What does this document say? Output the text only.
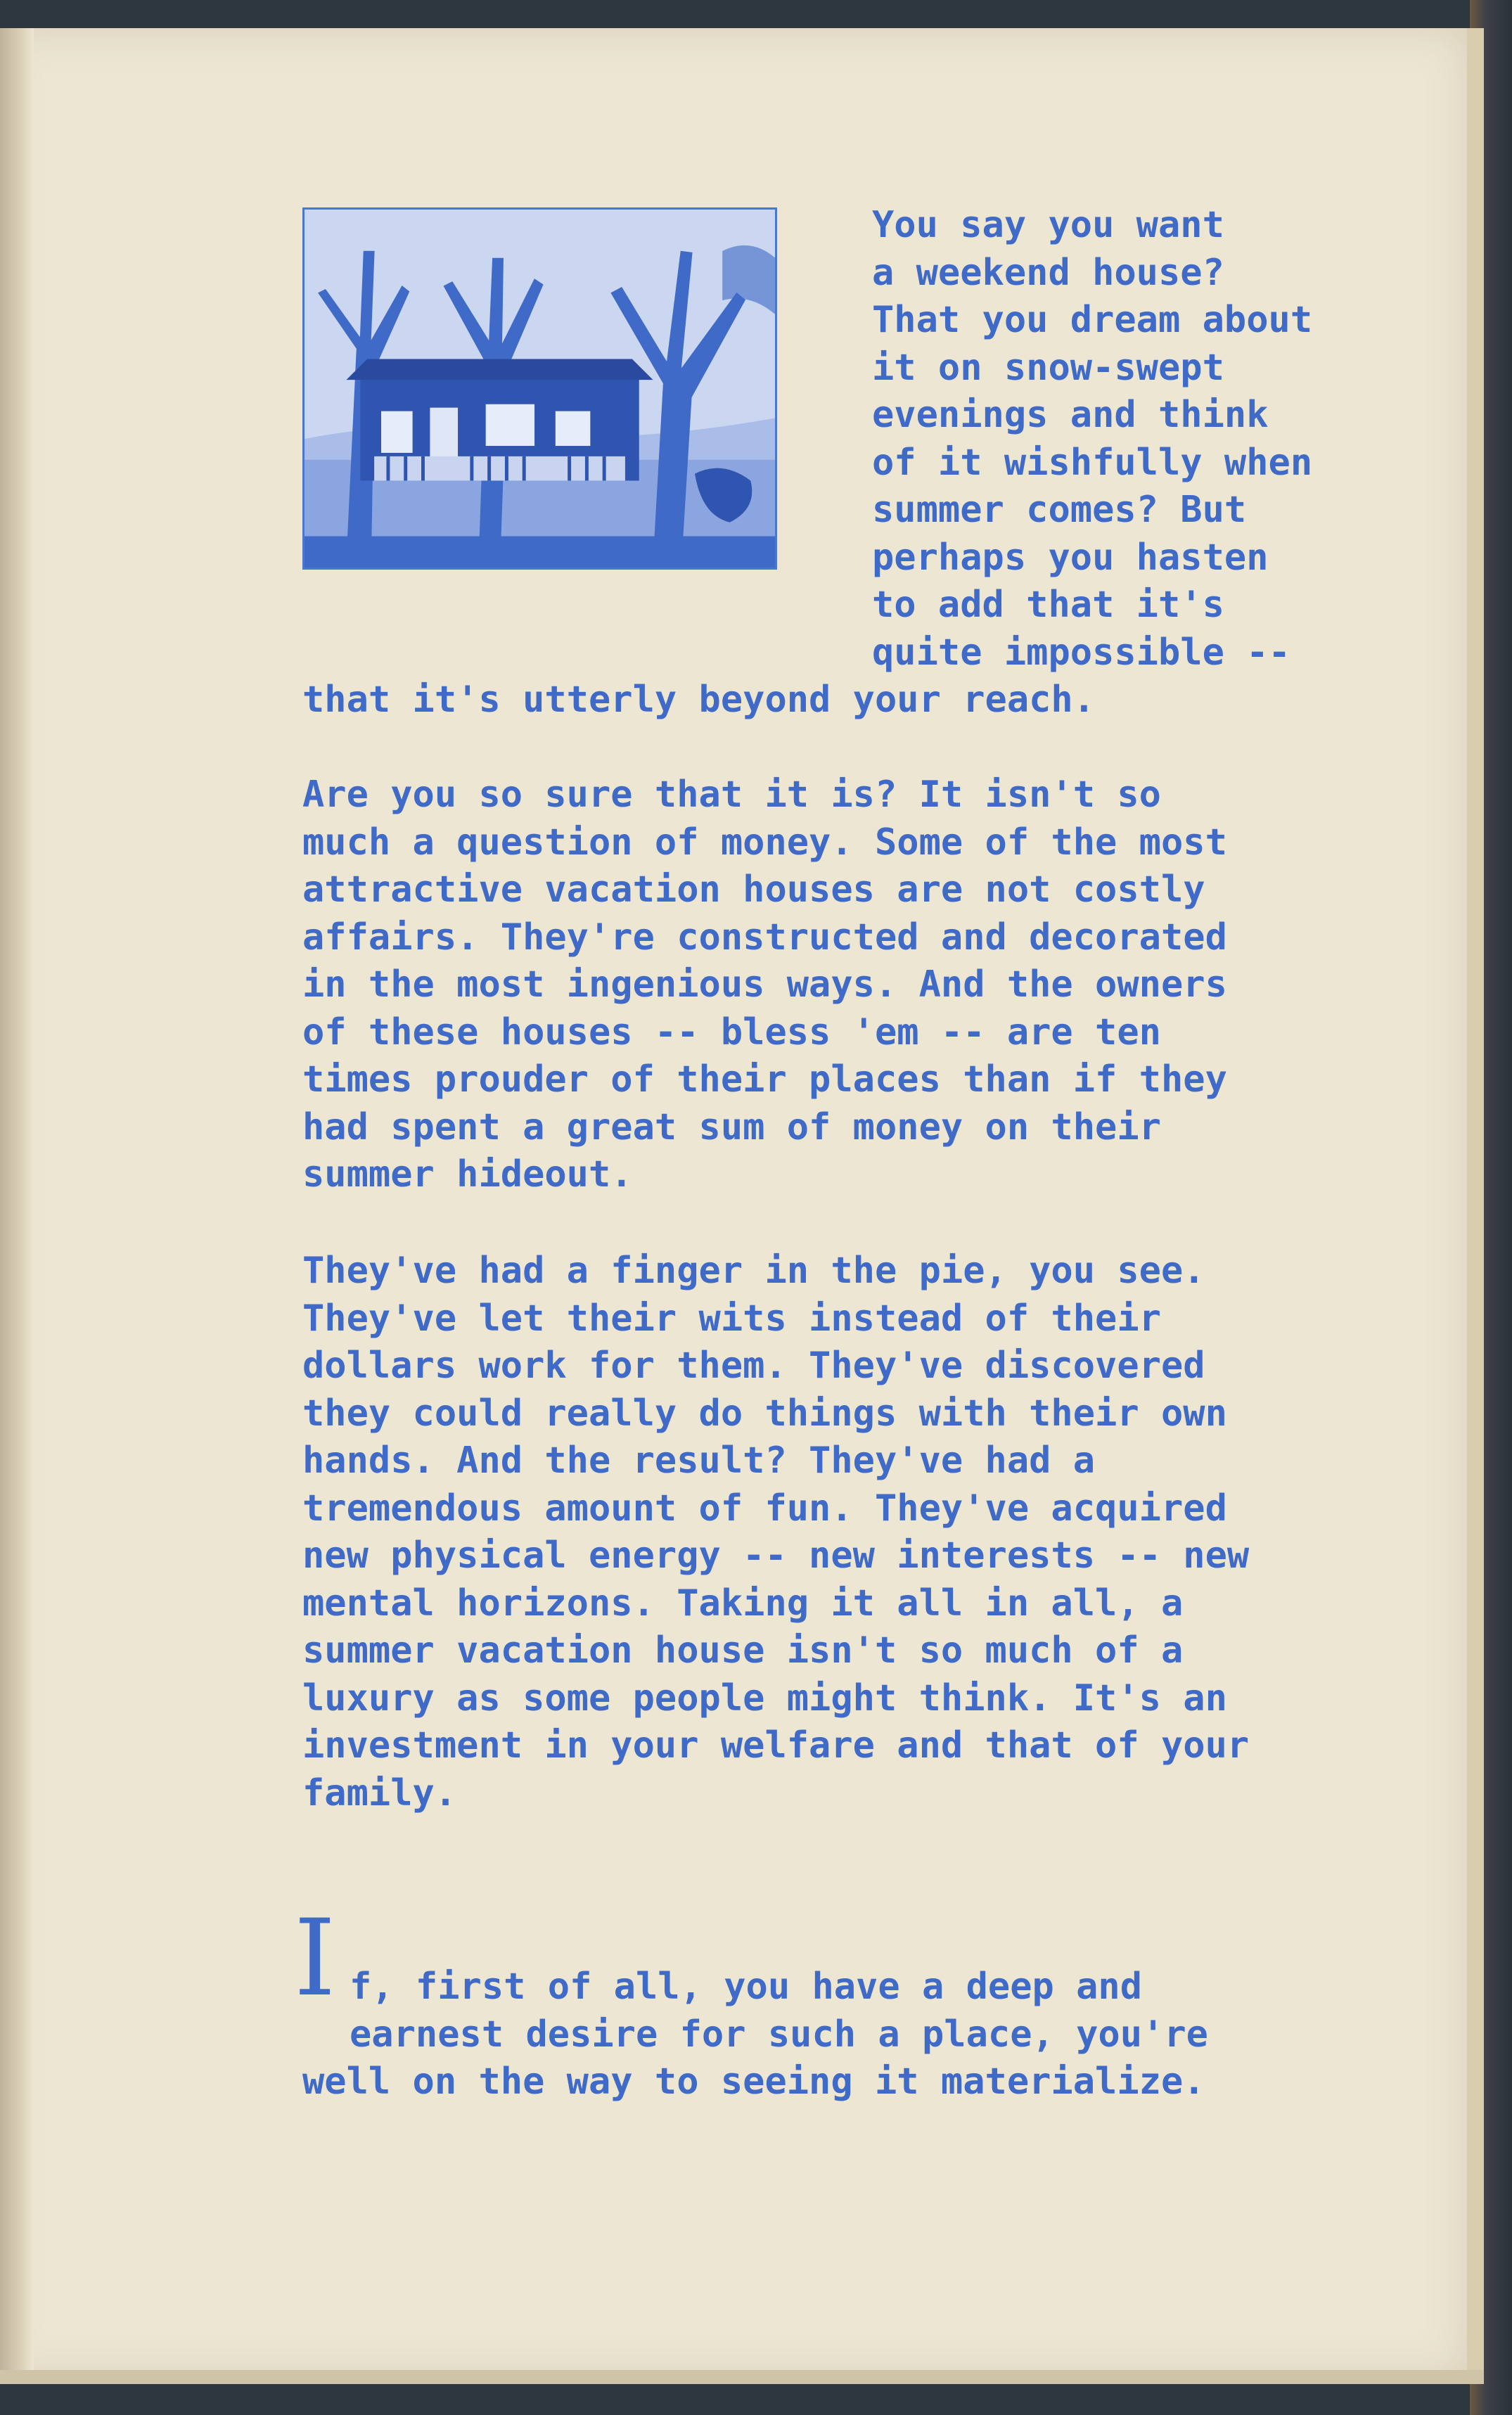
You say you want
a weekend house?
That you dream about
it on snow-swept
evenings and think
of it wishfully when
summer comes? But
perhaps you hasten
to add that it's
quite impossible --
that it's utterly beyond your reach.
Are you so sure that it is? It isn't so
much a question of money. Some of the most
attractive vacation houses are not costly
affairs. They're constructed and decorated
in the most ingenious ways. And the owners
of these houses -- bless 'em -- are ten
times prouder of their places than if they
had spent a great sum of money on their
summer hideout.
They've had a finger in the pie, you see.
They've let their wits instead of their
dollars work for them. They've discovered
they could really do things with their own
hands. And the result? They've had a
tremendous amount of fun. They've acquired
new physical energy -- new interests -- new
mental horizons. Taking it all in all, a
summer vacation house isn't so much of a
luxury as some people might think. It's an
investment in your welfare and that of your
family.
I f, first of all, you have a deep and
earnest desire for such a place, you're
well on the way to seeing it materialize.
